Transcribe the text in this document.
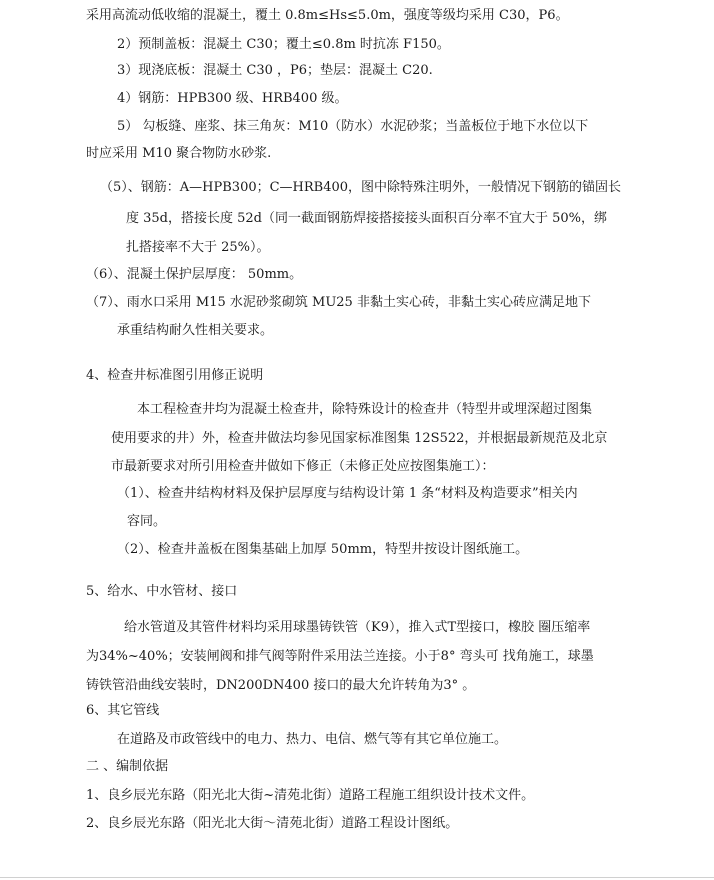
采用高流动低收缩的混凝土，覆土 0.8m≤Hs≤5.0m，强度等级均采用 C30，P6。
2）预制盖板：混凝土 C30；覆土≤0.8m 时抗冻 F150。
3）现浇底板：混凝土 C30 ，P6；垫层：混凝土 C20.
4）钢筋：HPB300 级、HRB400 级。
5） 勾板缝、座浆、抹三角灰：M10（防水）水泥砂浆；当盖板位于地下水位以下
时应采用 M10 聚合物防水砂浆.
（5）、钢筋：A—HPB300；C—HRB400，图中除特殊注明外，一般情况下钢筋的锚固长
度 35d，搭接长度 52d（同一截面钢筋焊接搭接接头面积百分率不宜大于 50%，绑
扎搭接率不大于 25%）。
（6）、混凝土保护层厚度： 50mm。
（7）、雨水口采用 M15 水泥砂浆砌筑 MU25 非黏土实心砖，非黏土实心砖应满足地下
承重结构耐久性相关要求。
4、检查井标准图引用修正说明
本工程检查井均为混凝土检查井，除特殊设计的检查井（特型井或埋深超过图集
使用要求的井）外，检查井做法均参见国家标准图集 12S522，并根据最新规范及北京
市最新要求对所引用检查井做如下修正（未修正处应按图集施工）：
（1）、检查井结构材料及保护层厚度与结构设计第 1 条“材料及构造要求”相关内
容同。
（2）、检查井盖板在图集基础上加厚 50mm，特型井按设计图纸施工。
5、给水、中水管材、接口
给水管道及其管件材料均采用球墨铸铁管（K9），推入式T型接口，橡胶 圈压缩率
为34%~40%；安装闸阀和排气阀等附件采用法兰连接。小于8° 弯头可 找角施工，球墨
铸铁管沿曲线安装时，DN200DN400 接口的最大允许转角为3° 。
6、其它管线
在道路及市政管线中的电力、热力、电信、燃气等有其它单位施工。
二 、编制依据
1、良乡辰光东路（阳光北大街~清苑北街）道路工程施工组织设计技术文件。
2、良乡辰光东路（阳光北大街～清苑北街）道路工程设计图纸。
